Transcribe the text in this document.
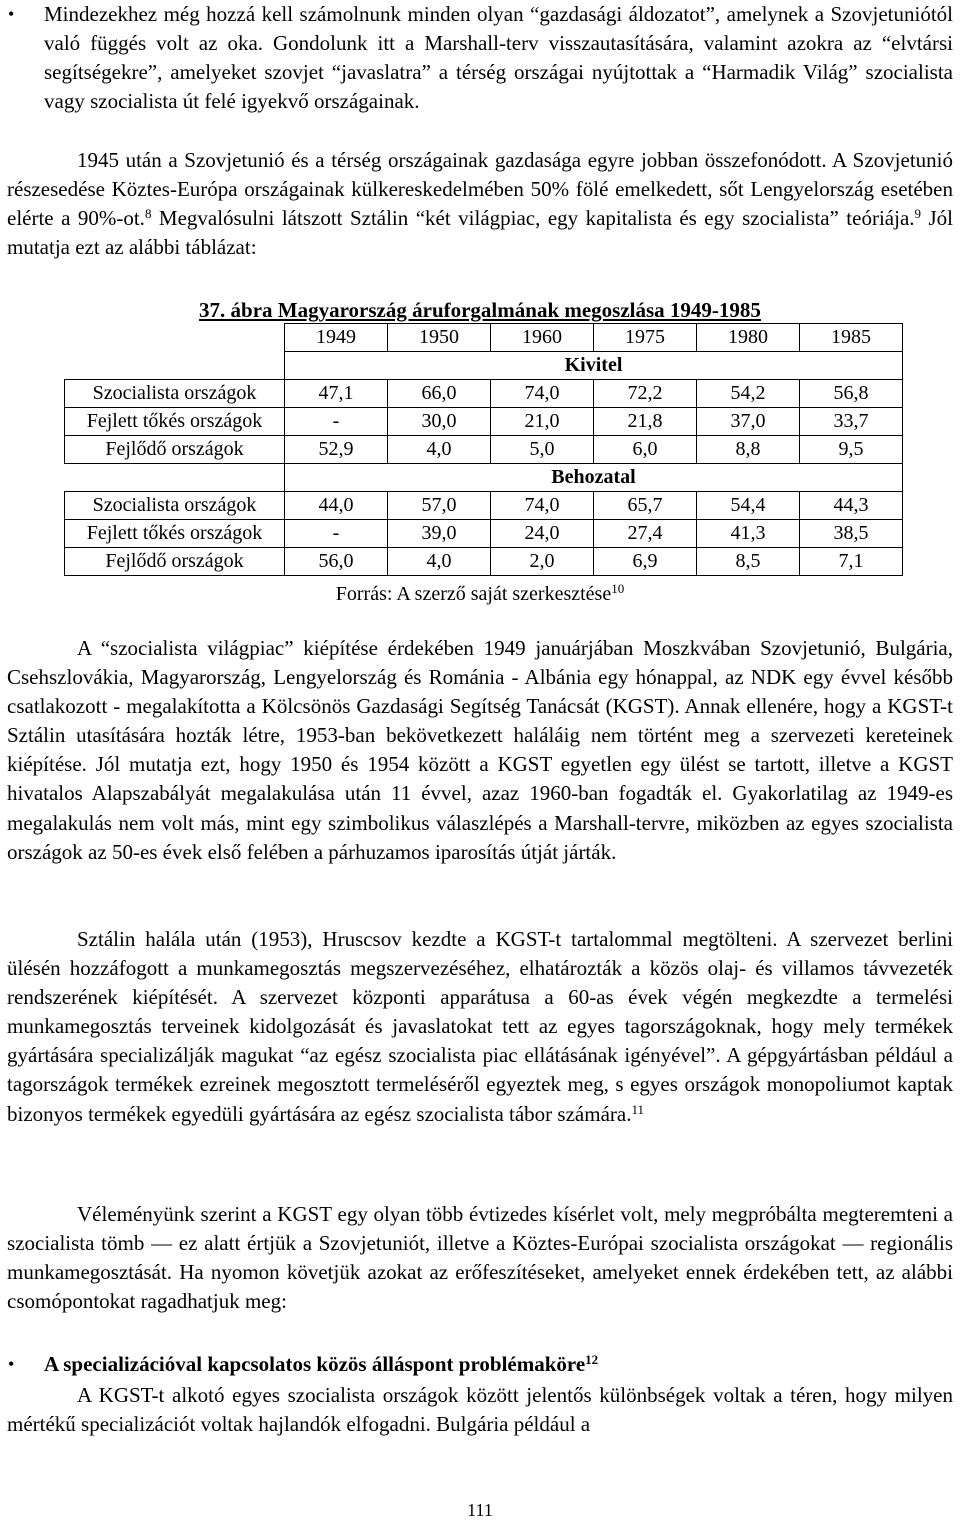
• Mindezekhez még hozzá kell számolnunk minden olyan “gazdasági áldozatot”, amelynek a Szovjetuniótól való függés volt az oka. Gondolunk itt a Marshall-terv visszautasítására, valamint azokra az “elvtársi segítségekre”, amelyeket szovjet “javaslatra” a térség országai nyújtottak a “Harmadik Világ” szocialista vagy szocialista út felé igyekvő országainak.

1945 után a Szovjetunió és a térség országainak gazdasága egyre jobban összefonódott. A Szovjetunió részesedése Köztes-Európa országainak külkereskedelmében 50% fölé emelkedett, sőt Lengyelország esetében elérte a 90%-ot.$^8$ Megvalósulni látszott Sztálin “két világpiac, egy kapitalista és egy szocialista” teóriája.$^9$ Jól mutatja ezt az alábbi táblázat:

37. ábra Magyarország áruforgalmának megoszlása 1949-1985

	1949	1950	1960	1975	1980	1985
	Kivitel					
Szocialista országok	47,1	66,0	74,0	72,2	54,2	56,8
Fejlett tőkés országok	-	30,0	21,0	21,8	37,0	33,7
Fejlődő országok	52,9	4,0	5,0	6,0	8,8	9,5
	Behozatal					
Szocialista országok	44,0	57,0	74,0	65,7	54,4	44,3
Fejlett tőkés országok	-	39,0	24,0	27,4	41,3	38,5
Fejlődő országok	56,0	4,0	2,0	6,9	8,5	7,1

Forrás: A szerző saját szerkesztése$^{10}$

A “szocialista világpiac” kiépítése érdekében 1949 januárjában Moszkvában Szovjetunió, Bulgária, Csehszlovákia, Magyarország, Lengyelország és Románia - Albánia egy hónappal, az NDK egy évvel később csatlakozott - megalakította a Kölcsönös Gazdasági Segítség Tanácsát (KGST). Annak ellenére, hogy a KGST-t Sztálin utasítására hozták létre, 1953-ban bekövetkezett haláláig nem történt meg a szervezeti kereteinek kiépítése. Jól mutatja ezt, hogy 1950 és 1954 között a KGST egyetlen egy ülést se tartott, illetve a KGST hivatalos Alapszabályát megalakulása után 11 évvel, azaz 1960-ban fogadták el. Gyakorlatilag az 1949-es megalakulás nem volt más, mint egy szimbolikus válaszlépés a Marshall-tervre, miközben az egyes szocialista országok az 50-es évek első felében a párhuzamos iparosítás útját járták.

Sztálin halála után (1953), Hruscsov kezdte a KGST-t tartalommal megtölteni. A szervezet berlini ülésén hozzáfogott a munkamegosztás megszervezéséhez, elhatározták a közös olaj- és villamos távvezeték rendszerének kiépítését. A szervezet központi apparátusa a 60-as évek végén megkezdte a termelési munkamegosztás terveinek kidolgozását és javaslatokat tett az egyes tagországoknak, hogy mely termékek gyártására specializálják magukat “az egész szocialista piac ellátásának igényével”. A gépgyártásban például a tagországok termékek ezreinek megosztott termeléséről egyeztek meg, s egyes országok monopoliumot kaptak bizonyos termékek egyedüli gyártására az egész szocialista tábor számára.$^{11}$

Véleményünk szerint a KGST egy olyan több évtizedes kísérlet volt, mely megpróbálta megteremteni a szocialista tömb — ez alatt értjük a Szovjetuniót, illetve a Köztes-Európai szocialista országokat — regionális munkamegosztását. Ha nyomon követjük azokat az erőfeszítéseket, amelyeket ennek érdekében tett, az alábbi csomópontokat ragadhatjuk meg:

• A specializációval kapcsolatos közös álláspont problémaköre$^{12}$

A KGST-t alkotó egyes szocialista országok között jelentős különbségek voltak a téren, hogy milyen mértékű specializációt voltak hajlandók elfogadni. Bulgária például a

111
